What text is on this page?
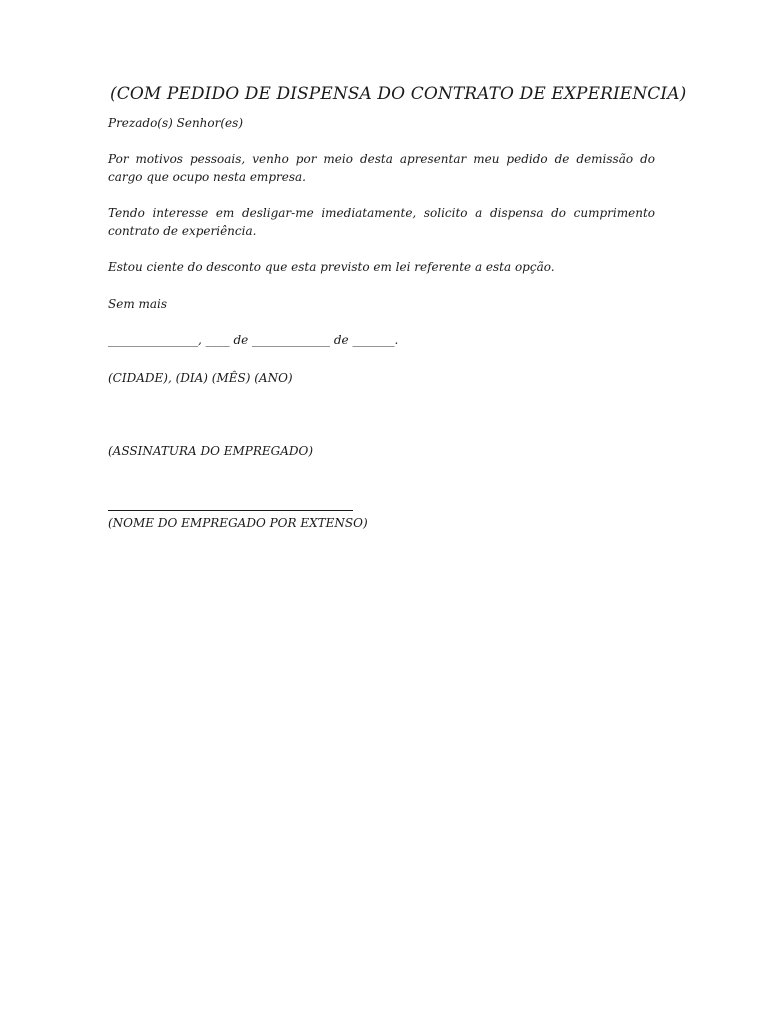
(COM PEDIDO DE DISPENSA DO CONTRATO DE EXPERIENCIA)
Prezado(s) Senhor(es)
Por motivos pessoais, venho por meio desta apresentar meu pedido de demissão do cargo que ocupo nesta empresa.
Tendo interesse em desligar-me imediatamente, solicito a dispensa do cumprimento contrato de experiência.
Estou ciente do desconto que esta previsto em lei referente a esta opção.
Sem mais
_______________, ____ de _____________ de _______.
(CIDADE), (DIA) (MÊS) (ANO)
(ASSINATURA DO EMPREGADO)
(NOME DO EMPREGADO POR EXTENSO)
